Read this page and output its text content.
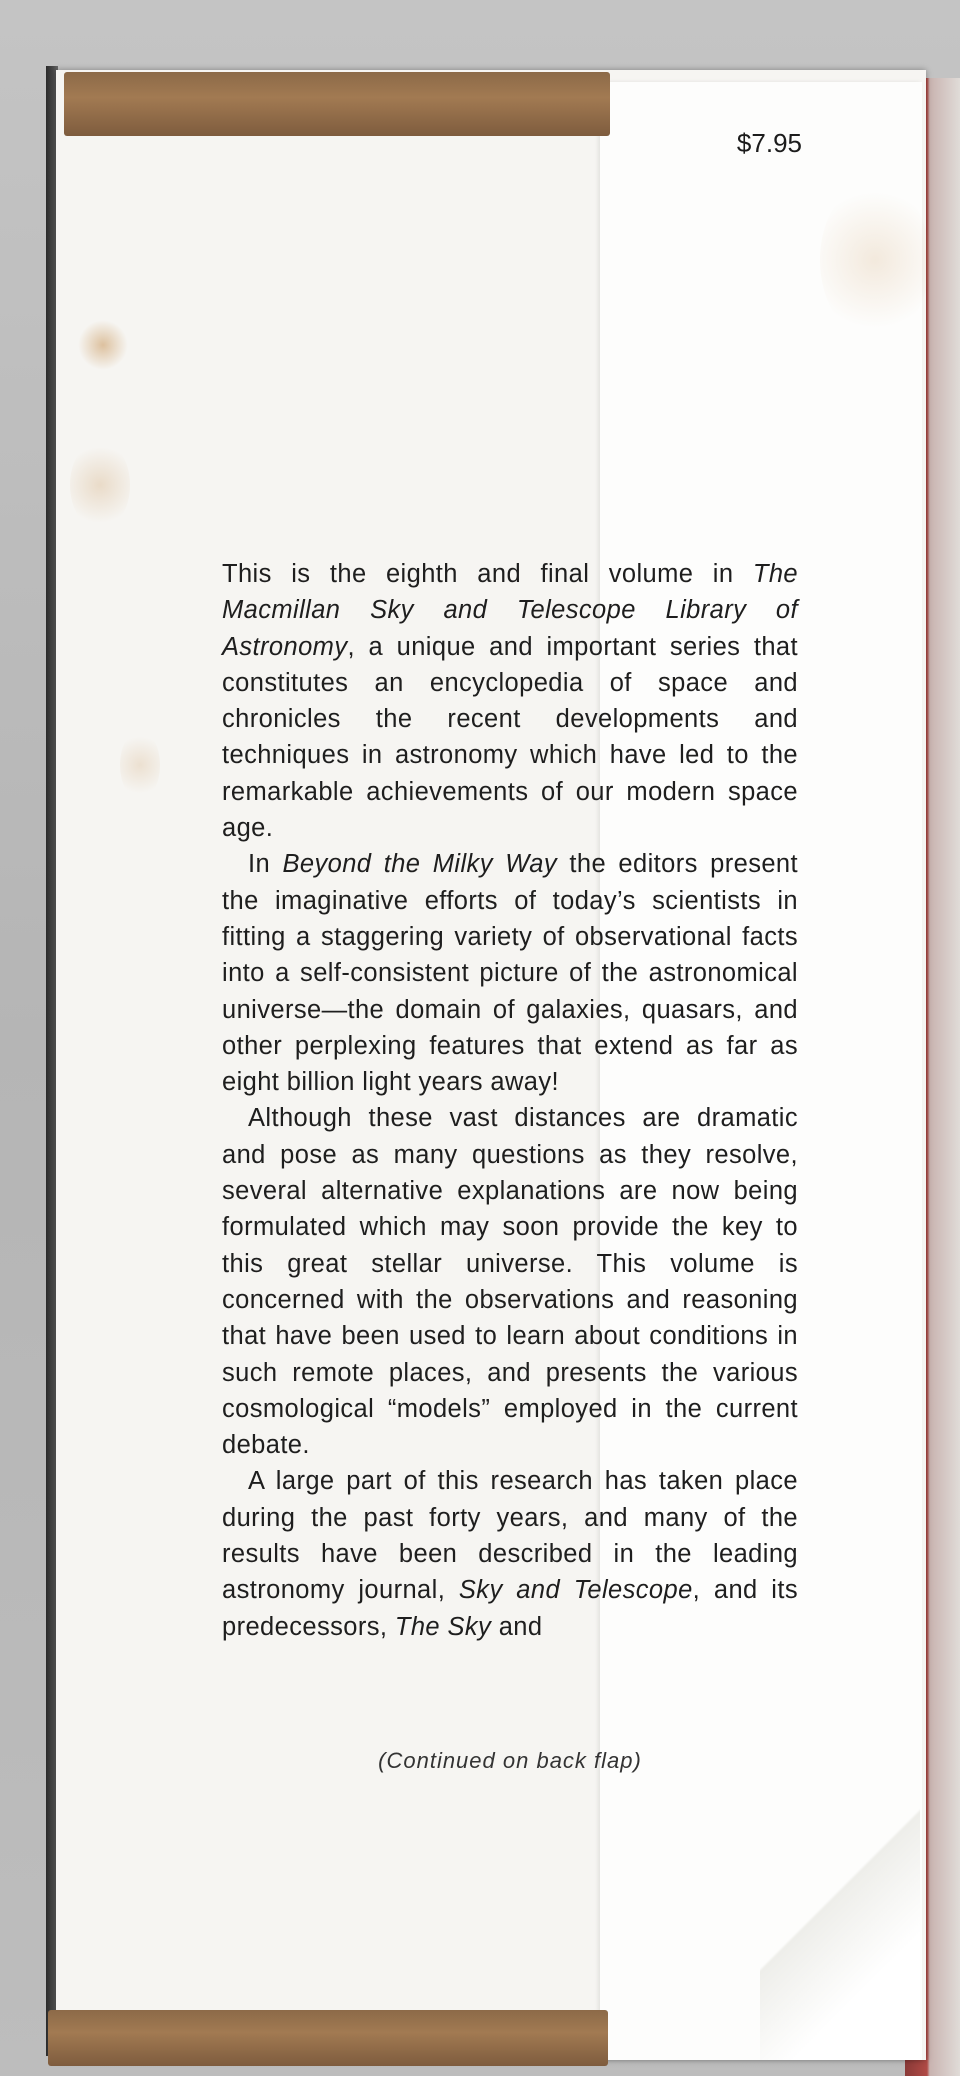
$7.95

This is the eighth and final volume in The Macmillan Sky and Telescope Library of Astronomy, a unique and important series that constitutes an encyclopedia of space and chronicles the recent developments and techniques in astronomy which have led to the remarkable achievements of our modern space age.

In Beyond the Milky Way the editors present the imaginative efforts of today’s scientists in fitting a staggering variety of observational facts into a self-consistent picture of the astronomical universe—the domain of galaxies, quasars, and other perplexing features that extend as far as eight billion light years away!

Although these vast distances are dramatic and pose as many questions as they resolve, several alternative explanations are now being formulated which may soon provide the key to this great stellar universe. This volume is concerned with the observations and reasoning that have been used to learn about conditions in such remote places, and presents the various cosmological “models” employed in the current debate.

A large part of this research has taken place during the past forty years, and many of the results have been described in the leading astronomy journal, Sky and Telescope, and its predecessors, The Sky and

(Continued on back flap)
